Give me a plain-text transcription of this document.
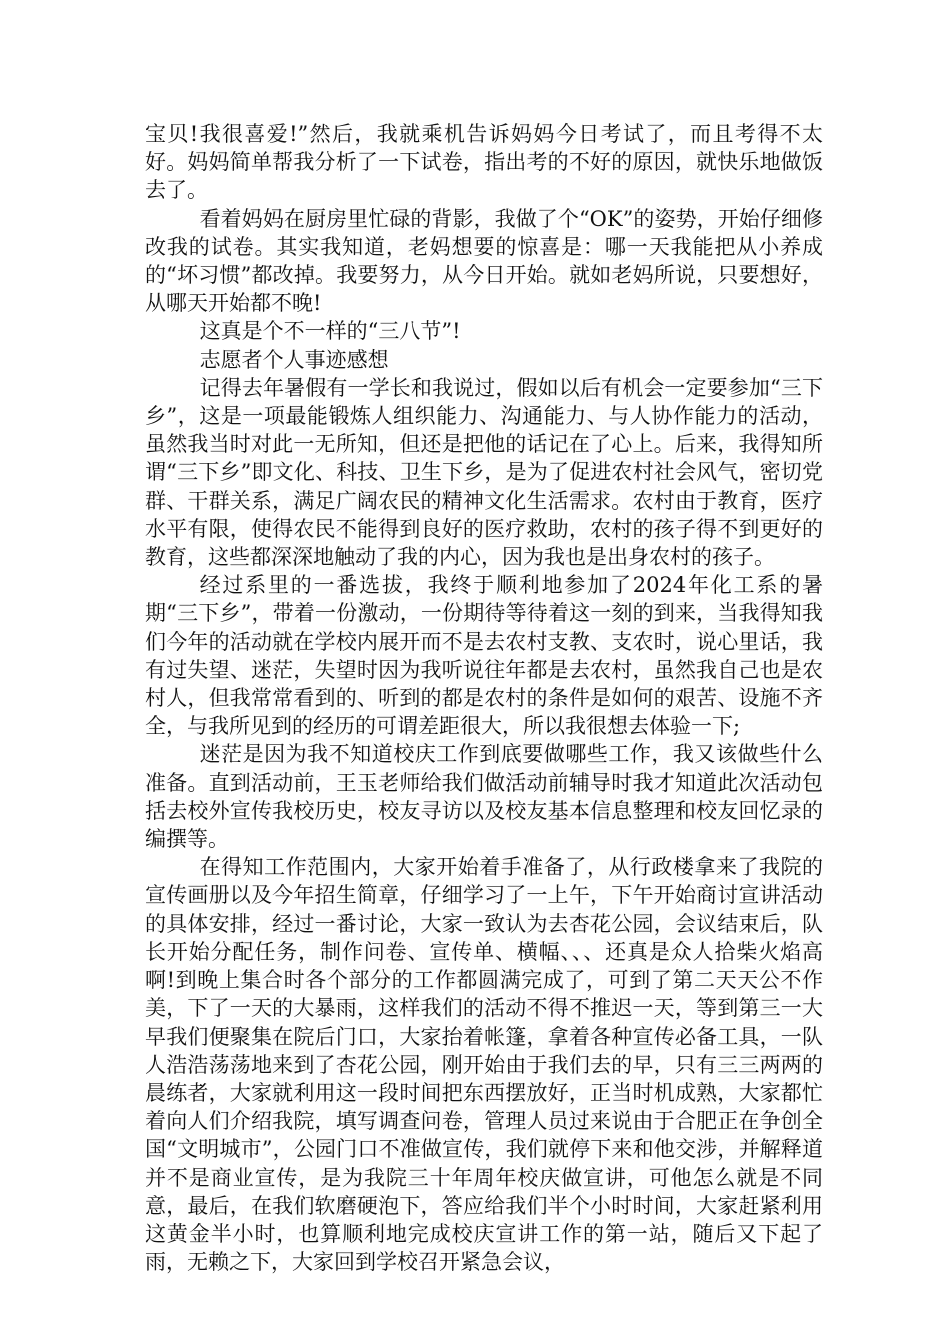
宝贝!我很喜爱!”然后，我就乘机告诉妈妈今日考试了，而且考得不太好。妈妈简单帮我分析了一下试卷，指出考的不好的原因，就快乐地做饭去了。

看着妈妈在厨房里忙碌的背影，我做了个“OK”的姿势，开始仔细修改我的试卷。其实我知道，老妈想要的惊喜是：哪一天我能把从小养成的“坏习惯”都改掉。我要努力，从今日开始。就如老妈所说，只要想好，从哪天开始都不晚!

这真是个不一样的“三八节”!

志愿者个人事迹感想

记得去年暑假有一学长和我说过，假如以后有机会一定要参加“三下乡”，这是一项最能锻炼人组织能力、沟通能力、与人协作能力的活动，虽然我当时对此一无所知，但还是把他的话记在了心上。后来，我得知所谓“三下乡”即文化、科技、卫生下乡，是为了促进农村社会风气，密切党群、干群关系，满足广阔农民的精神文化生活需求。农村由于教育，医疗水平有限，使得农民不能得到良好的医疗救助，农村的孩子得不到更好的教育，这些都深深地触动了我的内心，因为我也是出身农村的孩子。

经过系里的一番选拔，我终于顺利地参加了2024年化工系的暑期“三下乡”，带着一份激动，一份期待等待着这一刻的到来，当我得知我们今年的活动就在学校内展开而不是去农村支教、支农时，说心里话，我有过失望、迷茫，失望时因为我听说往年都是去农村，虽然我自己也是农村人，但我常常看到的、听到的都是农村的条件是如何的艰苦、设施不齐全，与我所见到的经历的可谓差距很大，所以我很想去体验一下;

迷茫是因为我不知道校庆工作到底要做哪些工作，我又该做些什么准备。直到活动前，王玉老师给我们做活动前辅导时我才知道此次活动包括去校外宣传我校历史，校友寻访以及校友基本信息整理和校友回忆录的编撰等。

在得知工作范围内，大家开始着手准备了，从行政楼拿来了我院的宣传画册以及今年招生简章，仔细学习了一上午，下午开始商讨宣讲活动的具体安排，经过一番讨论，大家一致认为去杏花公园，会议结束后，队长开始分配任务，制作问卷、宣传单、横幅、、、还真是众人拾柴火焰高啊!到晚上集合时各个部分的工作都圆满完成了，可到了第二天天公不作美，下了一天的大暴雨，这样我们的活动不得不推迟一天，等到第三一大早我们便聚集在院后门口，大家抬着帐篷，拿着各种宣传必备工具，一队人浩浩荡荡地来到了杏花公园，刚开始由于我们去的早，只有三三两两的晨练者，大家就利用这一段时间把东西摆放好，正当时机成熟，大家都忙着向人们介绍我院，填写调查问卷，管理人员过来说由于合肥正在争创全国“文明城市”，公园门口不准做宣传，我们就停下来和他交涉，并解释道并不是商业宣传，是为我院三十年周年校庆做宣讲，可他怎么就是不同意，最后，在我们软磨硬泡下，答应给我们半个小时时间，大家赶紧利用这黄金半小时，也算顺利地完成校庆宣讲工作的第一站，随后又下起了雨，无赖之下，大家回到学校召开紧急会议，
